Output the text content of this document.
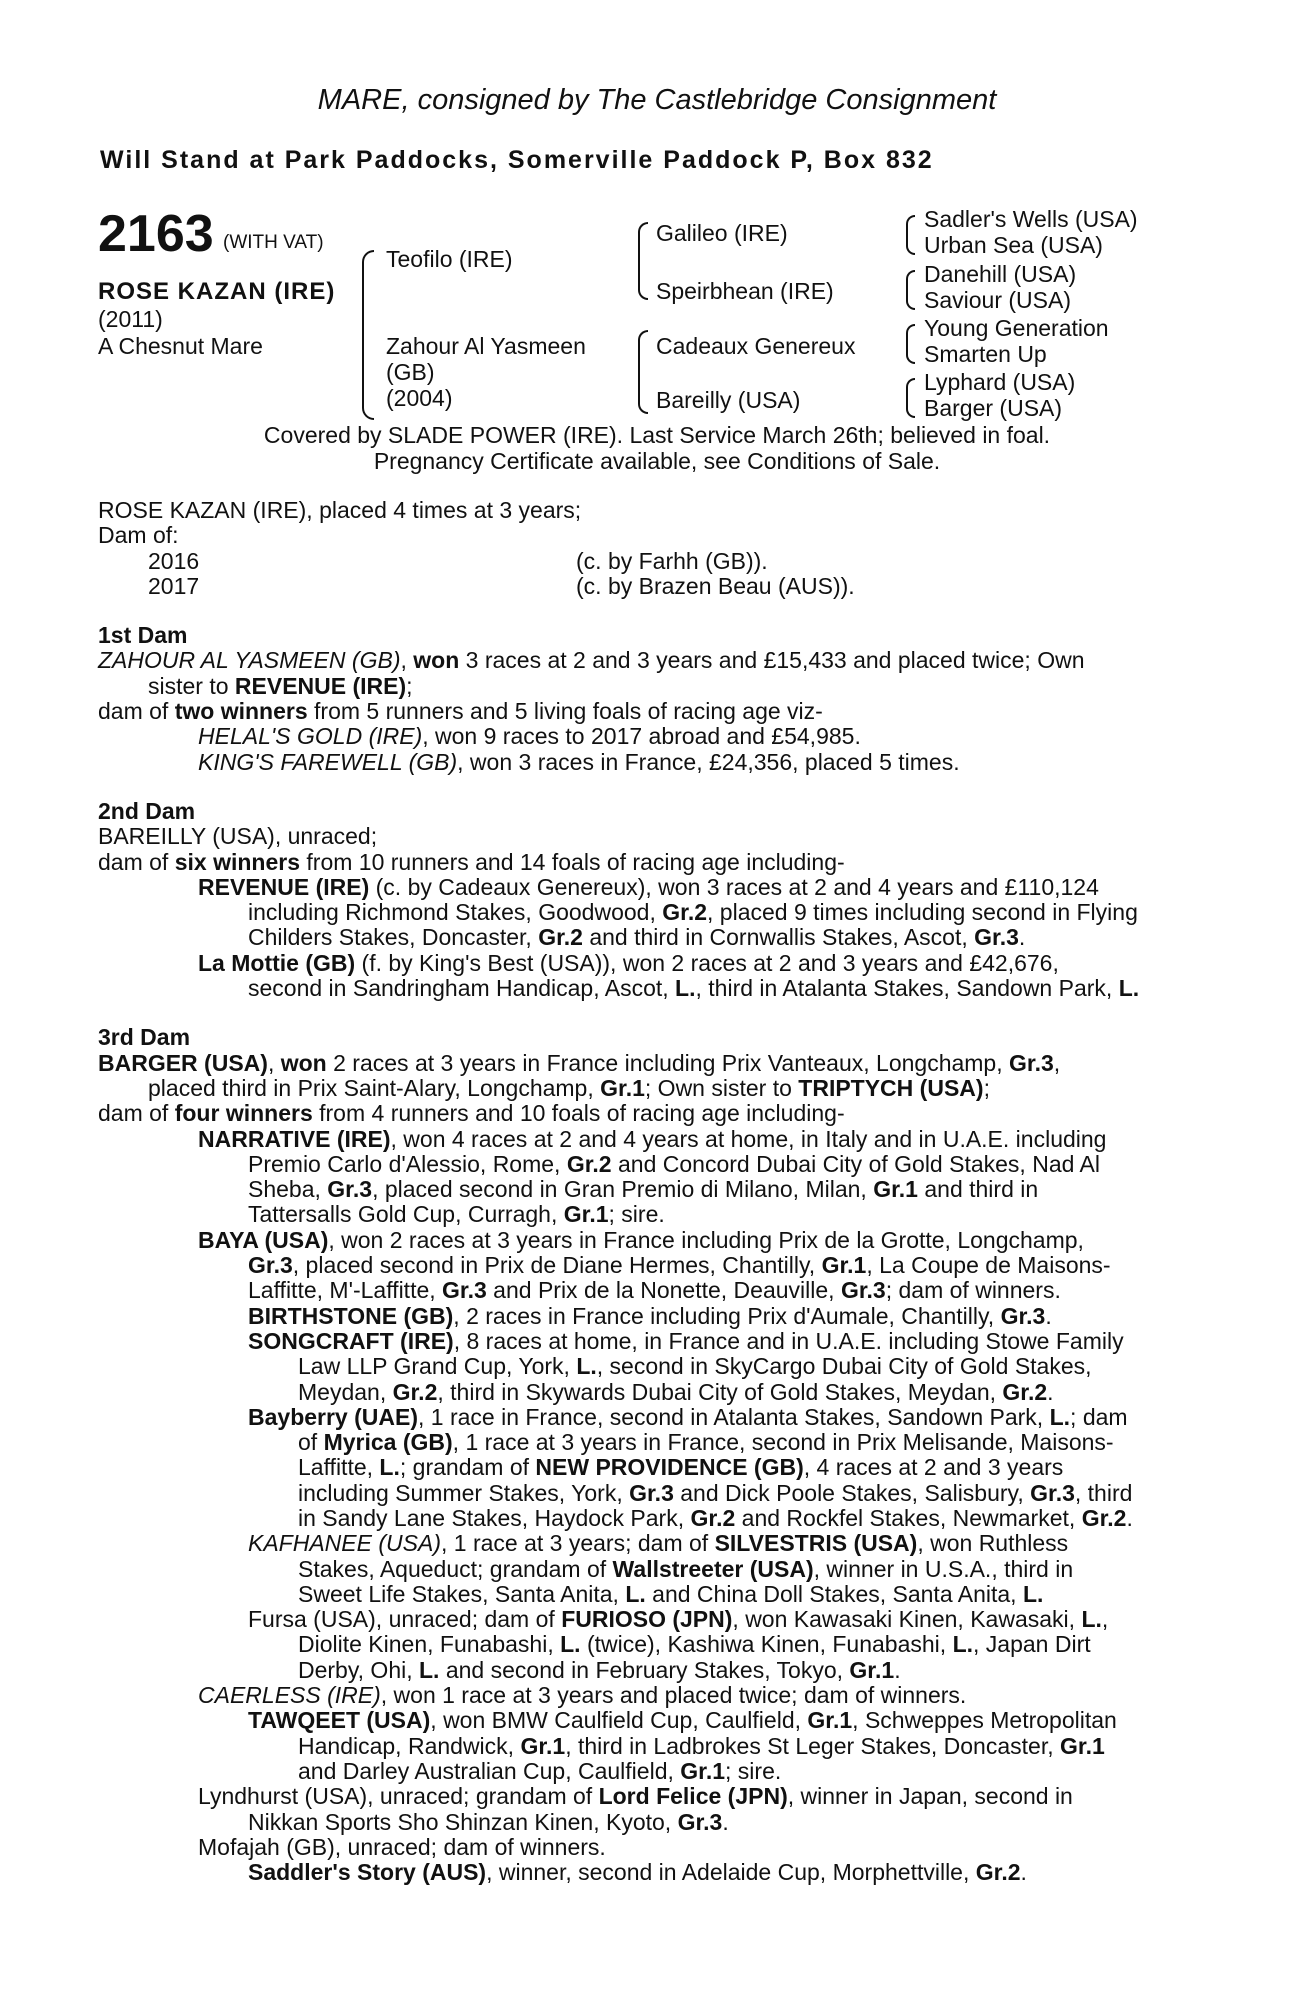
MARE, consigned by The Castlebridge Consignment
Will Stand at Park Paddocks, Somerville Paddock P, Box 832
2163 (WITH VAT)
ROSE KAZAN (IRE)
(2011)
A Chesnut Mare
Teofilo (IRE)
Zahour Al Yasmeen
(GB)
(2004)
Galileo (IRE)
Speirbhean (IRE)
Cadeaux Genereux
Bareilly (USA)
Sadler's Wells (USA)
Urban Sea (USA)
Danehill (USA)
Saviour (USA)
Young Generation
Smarten Up
Lyphard (USA)
Barger (USA)
Covered by SLADE POWER (IRE). Last Service March 26th; believed in foal.
Pregnancy Certificate available, see Conditions of Sale.
ROSE KAZAN (IRE), placed 4 times at 3 years;
Dam of:
2016	(c. by Farhh (GB)).
2017	(c. by Brazen Beau (AUS)).
1st Dam
ZAHOUR AL YASMEEN (GB), won 3 races at 2 and 3 years and £15,433 and placed twice; Own
sister to REVENUE (IRE);
dam of two winners from 5 runners and 5 living foals of racing age viz-
HELAL'S GOLD (IRE), won 9 races to 2017 abroad and £54,985.
KING'S FAREWELL (GB), won 3 races in France, £24,356, placed 5 times.
2nd Dam
BAREILLY (USA), unraced;
dam of six winners from 10 runners and 14 foals of racing age including-
REVENUE (IRE) (c. by Cadeaux Genereux), won 3 races at 2 and 4 years and £110,124
including Richmond Stakes, Goodwood, Gr.2, placed 9 times including second in Flying
Childers Stakes, Doncaster, Gr.2 and third in Cornwallis Stakes, Ascot, Gr.3.
La Mottie (GB) (f. by King's Best (USA)), won 2 races at 2 and 3 years and £42,676,
second in Sandringham Handicap, Ascot, L., third in Atalanta Stakes, Sandown Park, L.
3rd Dam
BARGER (USA), won 2 races at 3 years in France including Prix Vanteaux, Longchamp, Gr.3,
placed third in Prix Saint-Alary, Longchamp, Gr.1; Own sister to TRIPTYCH (USA);
dam of four winners from 4 runners and 10 foals of racing age including-
NARRATIVE (IRE), won 4 races at 2 and 4 years at home, in Italy and in U.A.E. including
Premio Carlo d'Alessio, Rome, Gr.2 and Concord Dubai City of Gold Stakes, Nad Al
Sheba, Gr.3, placed second in Gran Premio di Milano, Milan, Gr.1 and third in
Tattersalls Gold Cup, Curragh, Gr.1; sire.
BAYA (USA), won 2 races at 3 years in France including Prix de la Grotte, Longchamp,
Gr.3, placed second in Prix de Diane Hermes, Chantilly, Gr.1, La Coupe de Maisons-
Laffitte, M'-Laffitte, Gr.3 and Prix de la Nonette, Deauville, Gr.3; dam of winners.
BIRTHSTONE (GB), 2 races in France including Prix d'Aumale, Chantilly, Gr.3.
SONGCRAFT (IRE), 8 races at home, in France and in U.A.E. including Stowe Family
Law LLP Grand Cup, York, L., second in SkyCargo Dubai City of Gold Stakes,
Meydan, Gr.2, third in Skywards Dubai City of Gold Stakes, Meydan, Gr.2.
Bayberry (UAE), 1 race in France, second in Atalanta Stakes, Sandown Park, L.; dam
of Myrica (GB), 1 race at 3 years in France, second in Prix Melisande, Maisons-
Laffitte, L.; grandam of NEW PROVIDENCE (GB), 4 races at 2 and 3 years
including Summer Stakes, York, Gr.3 and Dick Poole Stakes, Salisbury, Gr.3, third
in Sandy Lane Stakes, Haydock Park, Gr.2 and Rockfel Stakes, Newmarket, Gr.2.
KAFHANEE (USA), 1 race at 3 years; dam of SILVESTRIS (USA), won Ruthless
Stakes, Aqueduct; grandam of Wallstreeter (USA), winner in U.S.A., third in
Sweet Life Stakes, Santa Anita, L. and China Doll Stakes, Santa Anita, L.
Fursa (USA), unraced; dam of FURIOSO (JPN), won Kawasaki Kinen, Kawasaki, L.,
Diolite Kinen, Funabashi, L. (twice), Kashiwa Kinen, Funabashi, L., Japan Dirt
Derby, Ohi, L. and second in February Stakes, Tokyo, Gr.1.
CAERLESS (IRE), won 1 race at 3 years and placed twice; dam of winners.
TAWQEET (USA), won BMW Caulfield Cup, Caulfield, Gr.1, Schweppes Metropolitan
Handicap, Randwick, Gr.1, third in Ladbrokes St Leger Stakes, Doncaster, Gr.1
and Darley Australian Cup, Caulfield, Gr.1; sire.
Lyndhurst (USA), unraced; grandam of Lord Felice (JPN), winner in Japan, second in
Nikkan Sports Sho Shinzan Kinen, Kyoto, Gr.3.
Mofajah (GB), unraced; dam of winners.
Saddler's Story (AUS), winner, second in Adelaide Cup, Morphettville, Gr.2.
